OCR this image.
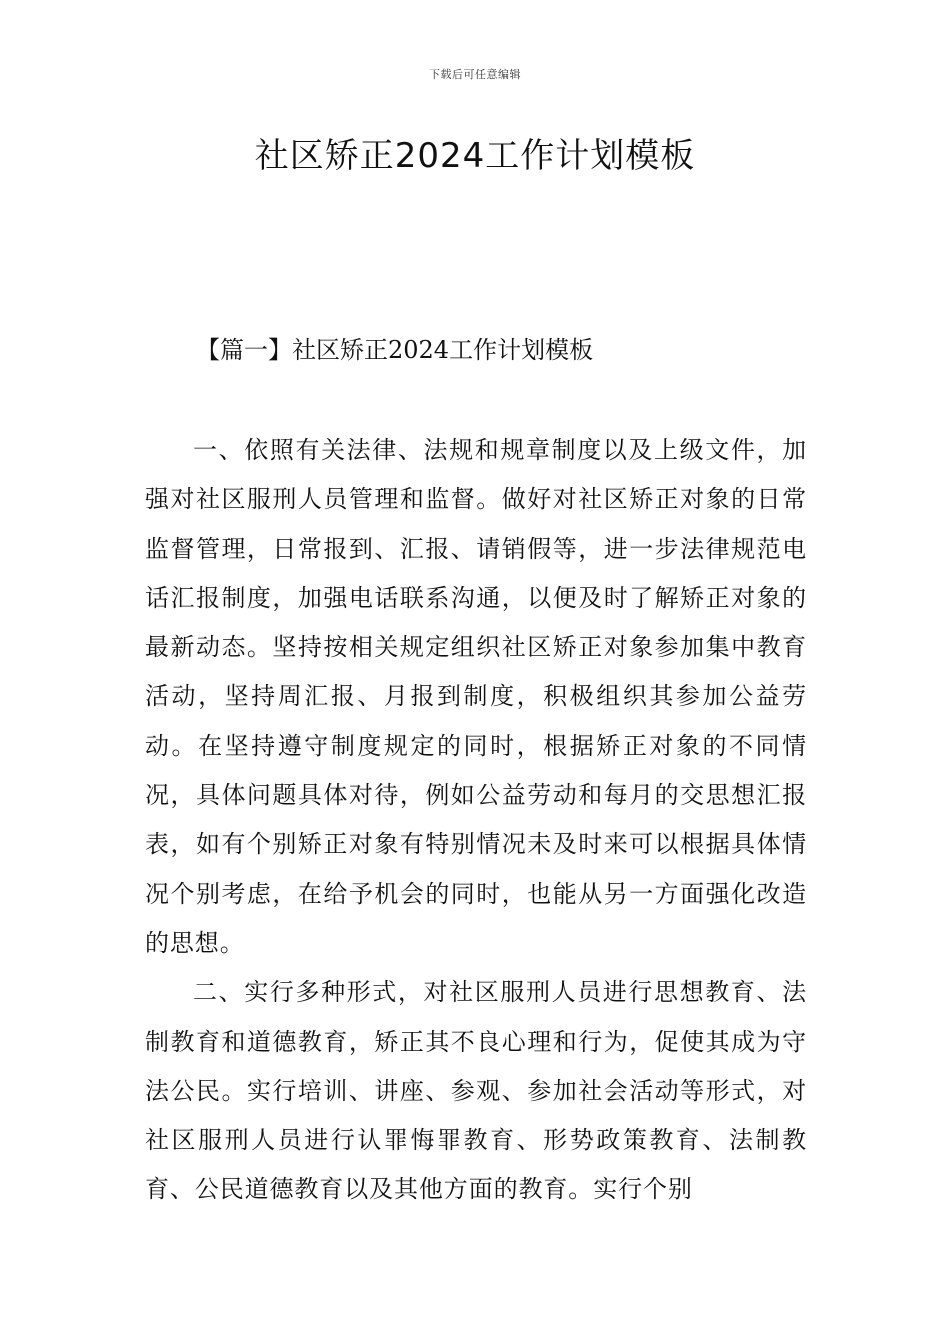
下载后可任意编辑
社区矫正2024工作计划模板
【篇一】社区矫正2024工作计划模板

一、依照有关法律、法规和规章制度以及上级文件，加强对社区服刑人员管理和监督。做好对社区矫正对象的日常监督管理，日常报到、汇报、请销假等，进一步法律规范电话汇报制度，加强电话联系沟通，以便及时了解矫正对象的最新动态。坚持按相关规定组织社区矫正对象参加集中教育活动，坚持周汇报、月报到制度，积极组织其参加公益劳动。在坚持遵守制度规定的同时，根据矫正对象的不同情况，具体问题具体对待，例如公益劳动和每月的交思想汇报表，如有个别矫正对象有特别情况未及时来可以根据具体情况个别考虑，在给予机会的同时，也能从另一方面强化改造的思想。

二、实行多种形式，对社区服刑人员进行思想教育、法制教育和道德教育，矫正其不良心理和行为，促使其成为守法公民。实行培训、讲座、参观、参加社会活动等形式，对社区服刑人员进行认罪悔罪教育、形势政策教育、法制教育、公民道德教育以及其他方面的教育。实行个别
